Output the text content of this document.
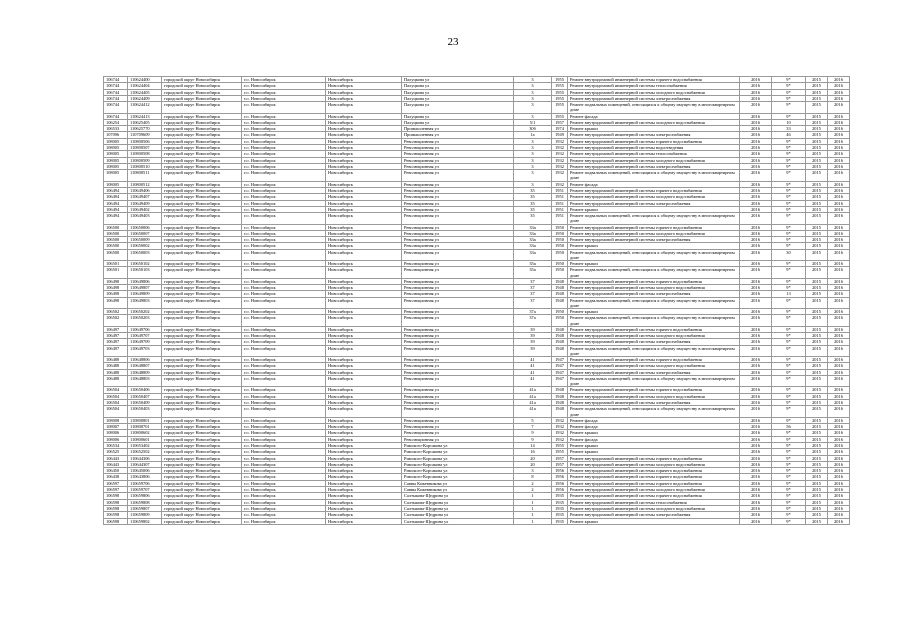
23
106744	110624400	городской округ Новосибирск	г.о. Новосибирск	Новосибирск	Палуцкова ул	3	1955	Ремонт внутридомовой инженерной системы горячего водоснабжения	2016	9*	2015	2016
106744	110624404	городской округ Новосибирск	г.о. Новосибирск	Новосибирск	Палуцкова ул	3	1955	Ремонт внутридомовой инженерной системы теплоснабжения	2016	9*	2015	2016
106744	110624405	городской округ Новосибирск	г.о. Новосибирск	Новосибирск	Палуцкова ул	3	1955	Ремонт внутридомовой инженерной системы холодного водоснабжения	2016	9*	2015	2016
106744	110624409	городской округ Новосибирск	г.о. Новосибирск	Новосибирск	Палуцкова ул	3	1955	Ремонт внутридомовой инженерной системы электроснабжения	2016	9*	2015	2016
106744	110624412	городской округ Новосибирск	г.о. Новосибирск	Новосибирск	Палуцкова ул	3	1955	Ремонт подвальных помещений, относящихся к общему имуществу в многоквартирном доме	2016	9*	2015	2016
106744	110624413	городской округ Новосибирск	г.о. Новосибирск	Новосибирск	Палуцкова ул	3	1955	Ремонт фасада	2016	9*	2015	2016
106254	110625405	городской округ Новосибирск	г.о. Новосибирск	Новосибирск	Палуцкова ул	5/1	1957	Ремонт внутридомовой инженерной системы холодного водоснабжения	2016	10	2015	2016
106533	110625770	городской округ Новосибирск	г.о. Новосибирск	Новосибирск	Промышленная ул	30б	1974	Ремонт крыши	2016	33	2015	2016
107096	110709609	городской округ Новосибирск	г.о. Новосибирск	Новосибирск	Промышленная ул	1а	1949	Ремонт внутридомовой инженерной системы электроснабжения	2016	46	2015	2016
108005	110800506	городской округ Новосибирск	г.о. Новосибирск	Новосибирск	Революционная ул	3	1932	Ремонт внутридомовой инженерной системы горячего водоснабжения	2016	9*	2015	2016
108005	110800507	городской округ Новосибирск	г.о. Новосибирск	Новосибирск	Революционная ул	3	1932	Ремонт внутридомовой инженерной системы водоотведения	2016	9*	2015	2016
108005	110800508	городской округ Новосибирск	г.о. Новосибирск	Новосибирск	Революционная ул	3	1932	Ремонт внутридомовой инженерной системы теплоснабжения	2016	9*	2015	2016
108005	110800509	городской округ Новосибирск	г.о. Новосибирск	Новосибирск	Революционная ул	3	1932	Ремонт внутридомовой инженерной системы холодного водоснабжения	2016	9*	2015	2016
108005	110800510	городской округ Новосибирск	г.о. Новосибирск	Новосибирск	Революционная ул	3	1932	Ремонт внутридомовой инженерной системы электроснабжения	2016	9*	2015	2016
108005	110800511	городской округ Новосибирск	г.о. Новосибирск	Новосибирск	Революционная ул	3	1932	Ремонт подвальных помещений, относящихся к общему имуществу в многоквартирном доме	2016	9*	2015	2016
108005	110800512	городской округ Новосибирск	г.о. Новосибирск	Новосибирск	Революционная ул	3	1932	Ремонт фасада	2016	9*	2015	2016
106494	110649406	городской округ Новосибирск	г.о. Новосибирск	Новосибирск	Революционная ул	35	1951	Ремонт внутридомовой инженерной системы горячего водоснабжения	2016	9*	2015	2016
106494	110649407	городской округ Новосибирск	г.о. Новосибирск	Новосибирск	Революционная ул	35	1951	Ремонт внутридомовой инженерной системы холодного водоснабжения	2016	9*	2015	2016
106494	110649409	городской округ Новосибирск	г.о. Новосибирск	Новосибирск	Революционная ул	35	1951	Ремонт внутридомовой инженерной системы электроснабжения	2016	9*	2015	2016
106494	110649402	городской округ Новосибирск	г.о. Новосибирск	Новосибирск	Революционная ул	35	1951	Ремонт крыши	2016	9*	2015	2016
106494	110649403	городской округ Новосибирск	г.о. Новосибирск	Новосибирск	Революционная ул	35	1951	Ремонт подвальных помещений, относящихся к общему имуществу в многоквартирном доме	2016	9*	2015	2016
106500	110650006	городской округ Новосибирск	г.о. Новосибирск	Новосибирск	Революционная ул	33а	1950	Ремонт внутридомовой инженерной системы горячего водоснабжения	2016	9*	2015	2016
106500	110650007	городской округ Новосибирск	г.о. Новосибирск	Новосибирск	Революционная ул	33а	1950	Ремонт внутридомовой инженерной системы холодного водоснабжения	2016	9*	2015	2016
106500	110650009	городской округ Новосибирск	г.о. Новосибирск	Новосибирск	Революционная ул	33а	1950	Ремонт внутридомовой инженерной системы электроснабжения	2016	9*	2015	2016
106500	110650002	городской округ Новосибирск	г.о. Новосибирск	Новосибирск	Революционная ул	33а	1950	Ремонт крыши	2016	9*	2015	2016
106500	110650003	городской округ Новосибирск	г.о. Новосибирск	Новосибирск	Революционная ул	33а	1950	Ремонт подвальных помещений, относящихся к общему имуществу в многоквартирном доме	2016	30	2015	2016
106501	110650102	городской округ Новосибирск	г.о. Новосибирск	Новосибирск	Революционная ул	35а	1950	Ремонт крыши	2016	9*	2015	2016
106501	110650103	городской округ Новосибирск	г.о. Новосибирск	Новосибирск	Революционная ул	35а	1950	Ремонт подвальных помещений, относящихся к общему имуществу в многоквартирном доме	2016	9*	2015	2016
106498	110649806	городской округ Новосибирск	г.о. Новосибирск	Новосибирск	Революционная ул	37	1948	Ремонт внутридомовой инженерной системы горячего водоснабжения	2016	9*	2015	2016
106498	110649807	городской округ Новосибирск	г.о. Новосибирск	Новосибирск	Революционная ул	37	1948	Ремонт внутридомовой инженерной системы холодного водоснабжения	2016	9*	2015	2016
106498	110649809	городской округ Новосибирск	г.о. Новосибирск	Новосибирск	Революционная ул	37	1948	Ремонт внутридомовой инженерной системы электроснабжения	2016	13	2015	2016
106498	110649803	городской округ Новосибирск	г.о. Новосибирск	Новосибирск	Революционная ул	37	1948	Ремонт подвальных помещений, относящихся к общему имуществу в многоквартирном доме	2016	9*	2015	2016
106502	110650202	городской округ Новосибирск	г.о. Новосибирск	Новосибирск	Революционная ул	37а	1950	Ремонт крыши	2016	9*	2015	2016
106502	110650203	городской округ Новосибирск	г.о. Новосибирск	Новосибирск	Революционная ул	37а	1950	Ремонт подвальных помещений, относящихся к общему имуществу в многоквартирном доме	2016	9*	2015	2016
106497	110649706	городской округ Новосибирск	г.о. Новосибирск	Новосибирск	Революционная ул	39	1948	Ремонт внутридомовой инженерной системы горячего водоснабжения	2016	9*	2015	2016
106497	110649707	городской округ Новосибирск	г.о. Новосибирск	Новосибирск	Революционная ул	39	1948	Ремонт внутридомовой инженерной системы холодного водоснабжения	2016	9*	2015	2016
106497	110649709	городской округ Новосибирск	г.о. Новосибирск	Новосибирск	Революционная ул	39	1948	Ремонт внутридомовой инженерной системы электроснабжения	2016	9*	2015	2016
106497	110649703	городской округ Новосибирск	г.о. Новосибирск	Новосибирск	Революционная ул	39	1948	Ремонт подвальных помещений, относящихся к общему имуществу в многоквартирном доме	2016	9*	2015	2016
106488	110648806	городской округ Новосибирск	г.о. Новосибирск	Новосибирск	Революционная ул	41	1947	Ремонт внутридомовой инженерной системы горячего водоснабжения	2016	9*	2015	2016
106488	110648807	городской округ Новосибирск	г.о. Новосибирск	Новосибирск	Революционная ул	41	1947	Ремонт внутридомовой инженерной системы холодного водоснабжения	2016	9*	2015	2016
106488	110648809	городской округ Новосибирск	г.о. Новосибирск	Новосибирск	Революционная ул	41	1947	Ремонт внутридомовой инженерной системы электроснабжения	2016	9*	2015	2016
106488	110648803	городской округ Новосибирск	г.о. Новосибирск	Новосибирск	Революционная ул	41	1947	Ремонт подвальных помещений, относящихся к общему имуществу в многоквартирном доме	2016	9*	2015	2016
106504	110650406	городской округ Новосибирск	г.о. Новосибирск	Новосибирск	Революционная ул	41а	1948	Ремонт внутридомовой инженерной системы горячего водоснабжения	2016	9*	2015	2016
106504	110650407	городской округ Новосибирск	г.о. Новосибирск	Новосибирск	Революционная ул	41а	1948	Ремонт внутридомовой инженерной системы холодного водоснабжения	2016	9*	2015	2016
106504	110650409	городской округ Новосибирск	г.о. Новосибирск	Новосибирск	Революционная ул	41а	1948	Ремонт внутридомовой инженерной системы электроснабжения	2016	9*	2015	2016
106504	110650403	городской округ Новосибирск	г.о. Новосибирск	Новосибирск	Революционная ул	41а	1948	Ремонт подвальных помещений, относящихся к общему имуществу в многоквартирном доме	2016	9*	2015	2016
108008	110800801	городской округ Новосибирск	г.о. Новосибирск	Новосибирск	Революционная ул	5	1932	Ремонт фасада	2016	9*	2015	2016
108007	110800701	городской округ Новосибирск	г.о. Новосибирск	Новосибирск	Революционная ул	7	1932	Ремонт фасада	2016	56	2015	2016
108006	110800602	городской округ Новосибирск	г.о. Новосибирск	Новосибирск	Революционная ул	9	1932	Ремонт крыши	2016	9*	2015	2016
108006	110800601	городской округ Новосибирск	г.о. Новосибирск	Новосибирск	Революционная ул	9	1932	Ремонт фасада	2016	9*	2015	2016
106534	110653402	городской округ Новосибирск	г.о. Новосибирск	Новосибирск	Римского-Корсакова ул	14	1955	Ремонт крыши	2016	9*	2015	2016
106525	110652502	городской округ Новосибирск	г.о. Новосибирск	Новосибирск	Римского-Корсакова ул	16	1955	Ремонт крыши	2016	9*	2015	2016
106443	110644306	городской округ Новосибирск	г.о. Новосибирск	Новосибирск	Римского-Корсакова ул	20	1957	Ремонт внутридомовой инженерной системы горячего водоснабжения	2016	9*	2015	2016
106443	110644307	городской округ Новосибирск	г.о. Новосибирск	Новосибирск	Римского-Корсакова ул	20	1957	Ремонт внутридомовой инженерной системы холодного водоснабжения	2016	9*	2015	2016
106450	110645006	городской округ Новосибирск	г.о. Новосибирск	Новосибирск	Римского-Корсакова ул	3	1956	Ремонт внутридомовой инженерной системы горячего водоснабжения	2016	9*	2015	2016
106438	110643806	городской округ Новосибирск	г.о. Новосибирск	Новосибирск	Римского-Корсакова ул	8	1956	Ремонт внутридомовой инженерной системы горячего водоснабжения	2016	9*	2015	2016
106597	110659706	городской округ Новосибирск	г.о. Новосибирск	Новосибирск	Саввы Кожевникова ул	2	1956	Ремонт внутридомовой инженерной системы горячего водоснабжения	2016	9*	2015	2016
106597	110659707	городской округ Новосибирск	г.о. Новосибирск	Новосибирск	Саввы Кожевникова ул	2	1956	Ремонт внутридомовой инженерной системы холодного водоснабжения	2016	9*	2015	2016
106598	110659806	городской округ Новосибирск	г.о. Новосибирск	Новосибирск	Салтыкова-Щедрина ул	1	1935	Ремонт внутридомовой инженерной системы горячего водоснабжения	2016	9*	2015	2016
106598	110659808	городской округ Новосибирск	г.о. Новосибирск	Новосибирск	Салтыкова-Щедрина ул	1	1935	Ремонт внутридомовой инженерной системы теплоснабжения	2016	9*	2015	2016
106598	110659807	городской округ Новосибирск	г.о. Новосибирск	Новосибирск	Салтыкова-Щедрина ул	1	1935	Ремонт внутридомовой инженерной системы холодного водоснабжения	2016	9*	2015	2016
106598	110659809	городской округ Новосибирск	г.о. Новосибирск	Новосибирск	Салтыкова-Щедрина ул	1	1935	Ремонт внутридомовой инженерной системы электроснабжения	2016	9*	2015	2016
106598	110659802	городской округ Новосибирск	г.о. Новосибирск	Новосибирск	Салтыкова-Щедрина ул	1	1935	Ремонт крыши	2016	9*	2015	2016
